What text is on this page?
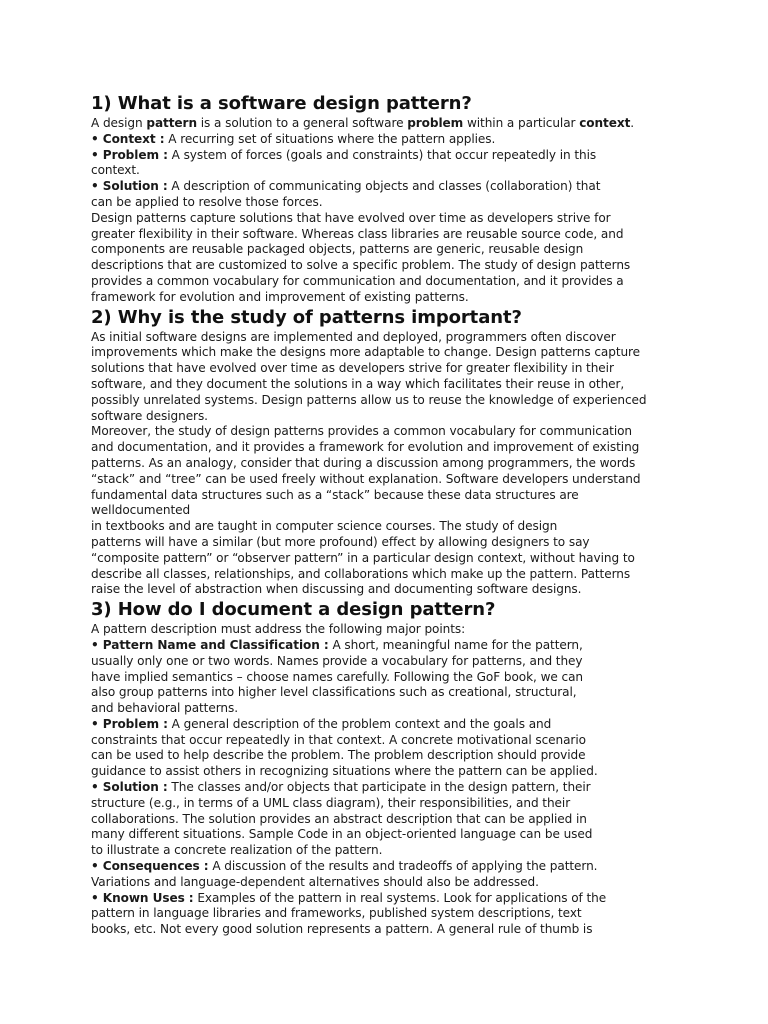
1) What is a software design pattern?
A design pattern is a solution to a general software problem within a particular context.
• Context : A recurring set of situations where the pattern applies.
• Problem : A system of forces (goals and constraints) that occur repeatedly in this
context.
• Solution : A description of communicating objects and classes (collaboration) that
can be applied to resolve those forces.
Design patterns capture solutions that have evolved over time as developers strive for
greater flexibility in their software. Whereas class libraries are reusable source code, and
components are reusable packaged objects, patterns are generic, reusable design
descriptions that are customized to solve a specific problem. The study of design patterns
provides a common vocabulary for communication and documentation, and it provides a
framework for evolution and improvement of existing patterns.
2) Why is the study of patterns important?
As initial software designs are implemented and deployed, programmers often discover
improvements which make the designs more adaptable to change. Design patterns capture
solutions that have evolved over time as developers strive for greater flexibility in their
software, and they document the solutions in a way which facilitates their reuse in other,
possibly unrelated systems. Design patterns allow us to reuse the knowledge of experienced
software designers.
Moreover, the study of design patterns provides a common vocabulary for communication
and documentation, and it provides a framework for evolution and improvement of existing
patterns. As an analogy, consider that during a discussion among programmers, the words
“stack” and “tree” can be used freely without explanation. Software developers understand
fundamental data structures such as a “stack” because these data structures are
welldocumented
in textbooks and are taught in computer science courses. The study of design
patterns will have a similar (but more profound) effect by allowing designers to say
“composite pattern” or “observer pattern” in a particular design context, without having to
describe all classes, relationships, and collaborations which make up the pattern. Patterns
raise the level of abstraction when discussing and documenting software designs.
3) How do I document a design pattern?
A pattern description must address the following major points:
• Pattern Name and Classification : A short, meaningful name for the pattern,
usually only one or two words. Names provide a vocabulary for patterns, and they
have implied semantics – choose names carefully. Following the GoF book, we can
also group patterns into higher level classifications such as creational, structural,
and behavioral patterns.
• Problem : A general description of the problem context and the goals and
constraints that occur repeatedly in that context. A concrete motivational scenario
can be used to help describe the problem. The problem description should provide
guidance to assist others in recognizing situations where the pattern can be applied.
• Solution : The classes and/or objects that participate in the design pattern, their
structure (e.g., in terms of a UML class diagram), their responsibilities, and their
collaborations. The solution provides an abstract description that can be applied in
many different situations. Sample Code in an object-oriented language can be used
to illustrate a concrete realization of the pattern.
• Consequences : A discussion of the results and tradeoffs of applying the pattern.
Variations and language-dependent alternatives should also be addressed.
• Known Uses : Examples of the pattern in real systems. Look for applications of the
pattern in language libraries and frameworks, published system descriptions, text
books, etc. Not every good solution represents a pattern. A general rule of thumb is
